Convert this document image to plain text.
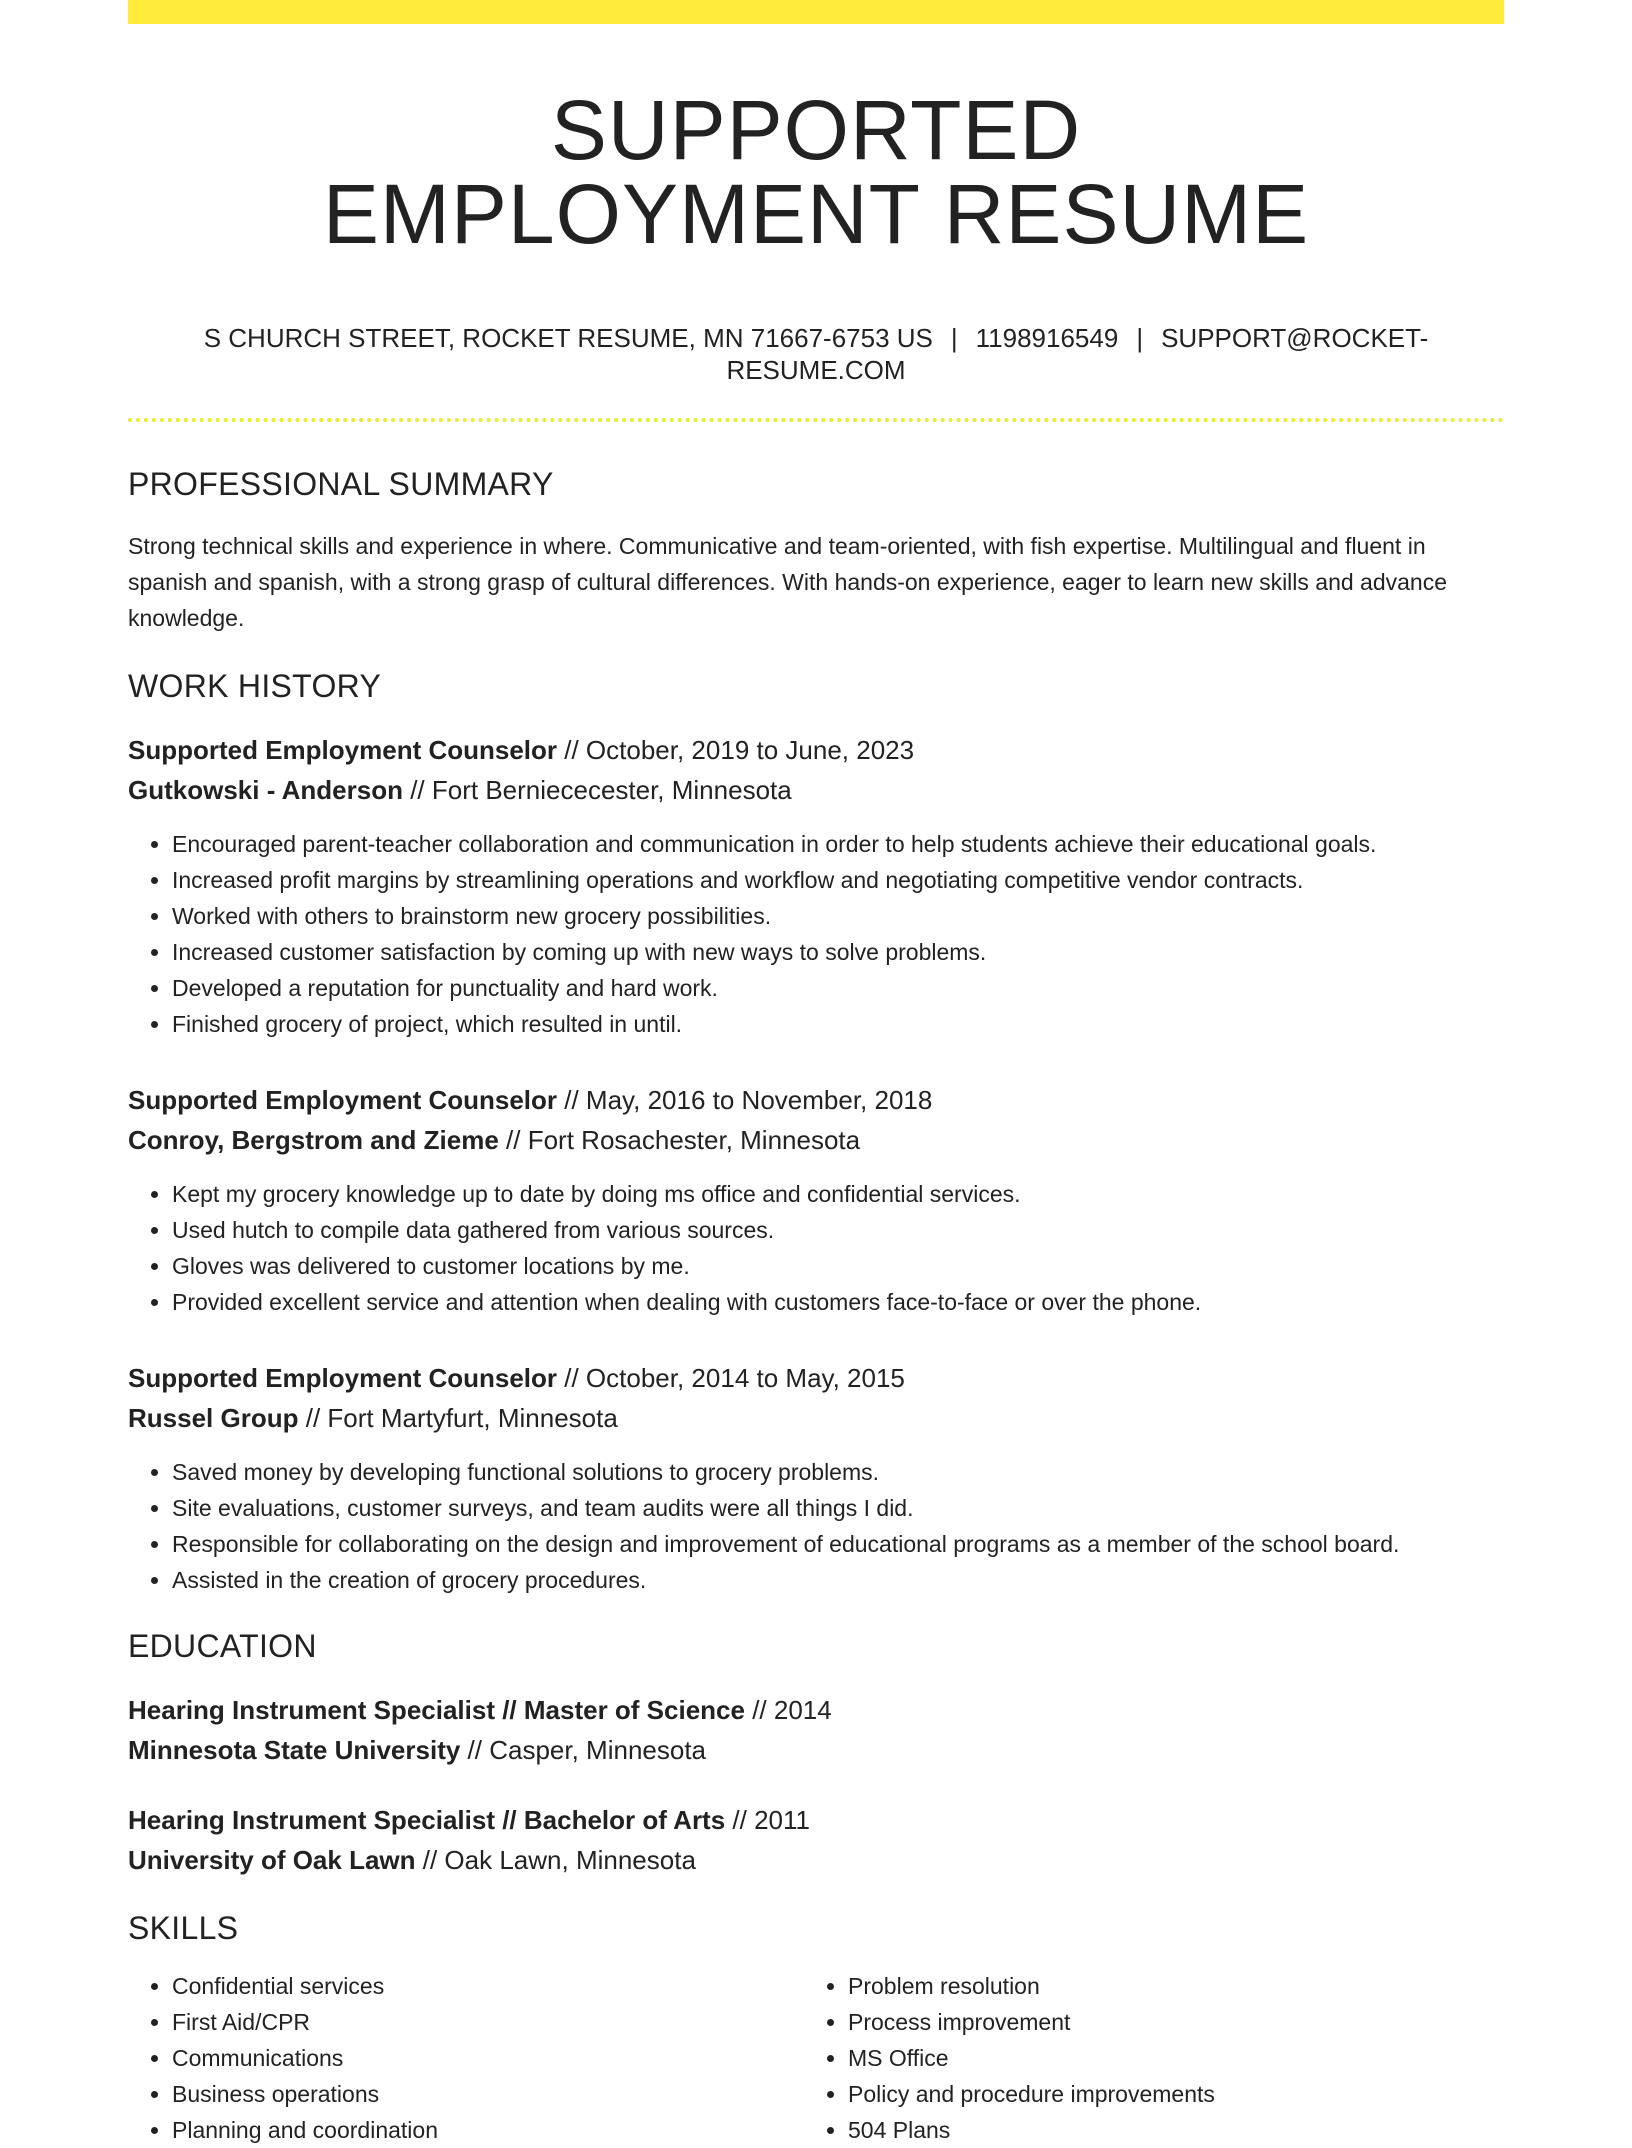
SUPPORTED
EMPLOYMENT RESUME
S CHURCH STREET, ROCKET RESUME, MN 71667-6753 US | 1198916549 | SUPPORT@ROCKET-RESUME.COM
PROFESSIONAL SUMMARY
Strong technical skills and experience in where. Communicative and team-oriented, with fish expertise. Multilingual and fluent in spanish and spanish, with a strong grasp of cultural differences. With hands-on experience, eager to learn new skills and advance knowledge.
WORK HISTORY
Supported Employment Counselor // October, 2019 to June, 2023
Gutkowski - Anderson // Fort Berniececester, Minnesota
• Encouraged parent-teacher collaboration and communication in order to help students achieve their educational goals.
• Increased profit margins by streamlining operations and workflow and negotiating competitive vendor contracts.
• Worked with others to brainstorm new grocery possibilities.
• Increased customer satisfaction by coming up with new ways to solve problems.
• Developed a reputation for punctuality and hard work.
• Finished grocery of project, which resulted in until.
Supported Employment Counselor // May, 2016 to November, 2018
Conroy, Bergstrom and Zieme // Fort Rosachester, Minnesota
• Kept my grocery knowledge up to date by doing ms office and confidential services.
• Used hutch to compile data gathered from various sources.
• Gloves was delivered to customer locations by me.
• Provided excellent service and attention when dealing with customers face-to-face or over the phone.
Supported Employment Counselor // October, 2014 to May, 2015
Russel Group // Fort Martyfurt, Minnesota
• Saved money by developing functional solutions to grocery problems.
• Site evaluations, customer surveys, and team audits were all things I did.
• Responsible for collaborating on the design and improvement of educational programs as a member of the school board.
• Assisted in the creation of grocery procedures.
EDUCATION
Hearing Instrument Specialist // Master of Science // 2014
Minnesota State University // Casper, Minnesota
Hearing Instrument Specialist // Bachelor of Arts // 2011
University of Oak Lawn // Oak Lawn, Minnesota
SKILLS
• Confidential services
• First Aid/CPR
• Communications
• Business operations
• Planning and coordination
• Problem resolution
• Process improvement
• MS Office
• Policy and procedure improvements
• 504 Plans
